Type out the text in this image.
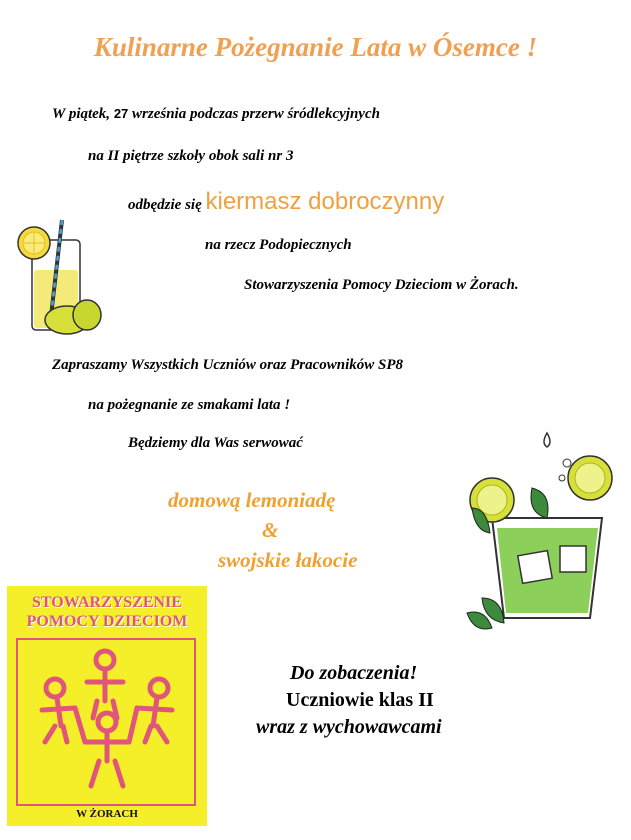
Kulinarne Pożegnanie Lata w Ósemce !
W piątek, 27 września podczas przerw śródlekcyjnych
na II piętrze szkoły obok sali nr 3
odbędzie się kiermasz dobroczynny
na rzecz Podopiecznych
Stowarzyszenia Pomocy Dzieciom w Żorach.
Zapraszamy Wszystkich Uczniów oraz Pracowników SP8
na pożegnanie ze smakami lata !
Będziemy dla Was serwować
domową lemoniadę
&
swojskie łakocie
Do zobaczenia!
Uczniowie klas II
wraz z wychowawcami
STOWARZYSZENIE
POMOCY DZIECIOM
W ŻORACH
